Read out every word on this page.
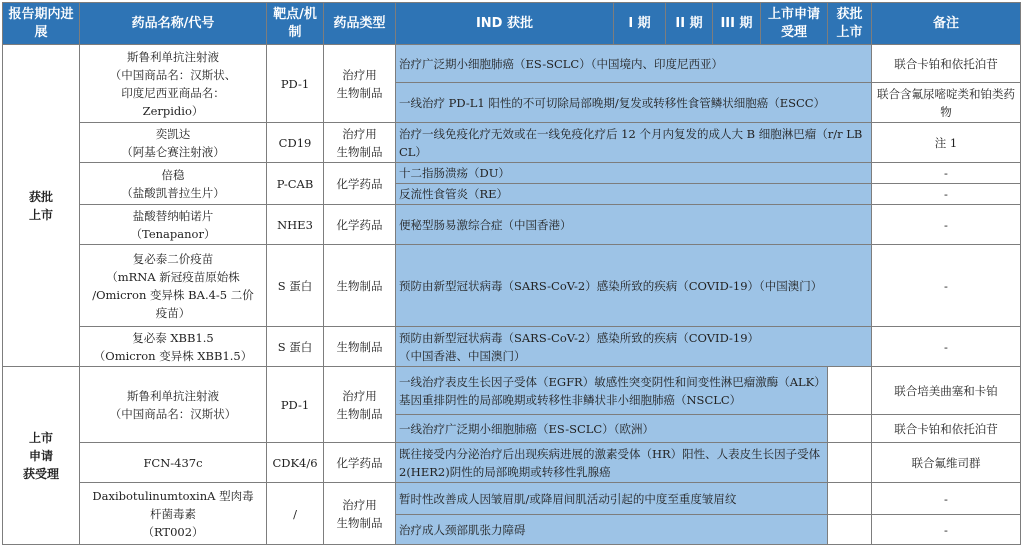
报告期内进展	药品名称/代号	靶点/机制	药品类型	IND 获批	I 期	II 期	III 期	上市申请受理	获批上市	备注

获批
上市	斯鲁利单抗注射液
（中国商品名：汉斯状、
印度尼西亚商品名：
Zerpidio）	PD-1	治疗用
生物制品	治疗广泛期小细胞肺癌（ES-SCLC）（中国境内、印度尼西亚）						联合卡铂和依托泊苷

				一线治疗 PD-L1 阳性的不可切除局部晚期/复发或转移性食管鳞状细胞癌（ESCC）						联合含氟尿嘧啶类和铂类药物

	奕凯达
（阿基仑赛注射液）	CD19	治疗用
生物制品	治疗一线免疫化疗无效或在一线免疫化疗后 12 个月内复发的成人大 B 细胞淋巴瘤（r/r LBCL）						注 1

	倍稳
（盐酸凯普拉生片）	P-CAB	化学药品	十二指肠溃疡（DU）						-

				反流性食管炎（RE）						-

	盐酸替纳帕诺片
（Tenapanor）	NHE3	化学药品	便秘型肠易激综合症（中国香港）						-

	复必泰二价疫苗
（mRNA 新冠疫苗原始株
/Omicron 变异株 BA.4-5 二价
疫苗）	S 蛋白	生物制品	预防由新型冠状病毒（SARS-CoV-2）感染所致的疾病（COVID-19）（中国澳门）						-

	复必泰 XBB1.5
（Omicron 变异株 XBB1.5）	S 蛋白	生物制品	预防由新型冠状病毒（SARS-CoV-2）感染所致的疾病（COVID-19）
（中国香港、中国澳门）						-

上市
申请
获受理	斯鲁利单抗注射液
（中国商品名：汉斯状）	PD-1	治疗用
生物制品	一线治疗表皮生长因子受体（EGFR）敏感性突变阴性和间变性淋巴瘤激酶（ALK）基因重排阴性的局部晚期或转移性非鳞状非小细胞肺癌（NSCLC）						联合培美曲塞和卡铂

				一线治疗广泛期小细胞肺癌（ES-SCLC）（欧洲）						联合卡铂和依托泊苷

	FCN-437c	CDK4/6	化学药品	既往接受内分泌治疗后出现疾病进展的激素受体（HR）阳性、人表皮生长因子受体 2(HER2)阴性的局部晚期或转移性乳腺癌						联合氟维司群

	DaxibotulinumtoxinA 型肉毒
杆菌毒素
（RT002）	/	治疗用
生物制品	暂时性改善成人因皱眉肌/或降眉间肌活动引起的中度至重度皱眉纹						-

				治疗成人颈部肌张力障碍						-
